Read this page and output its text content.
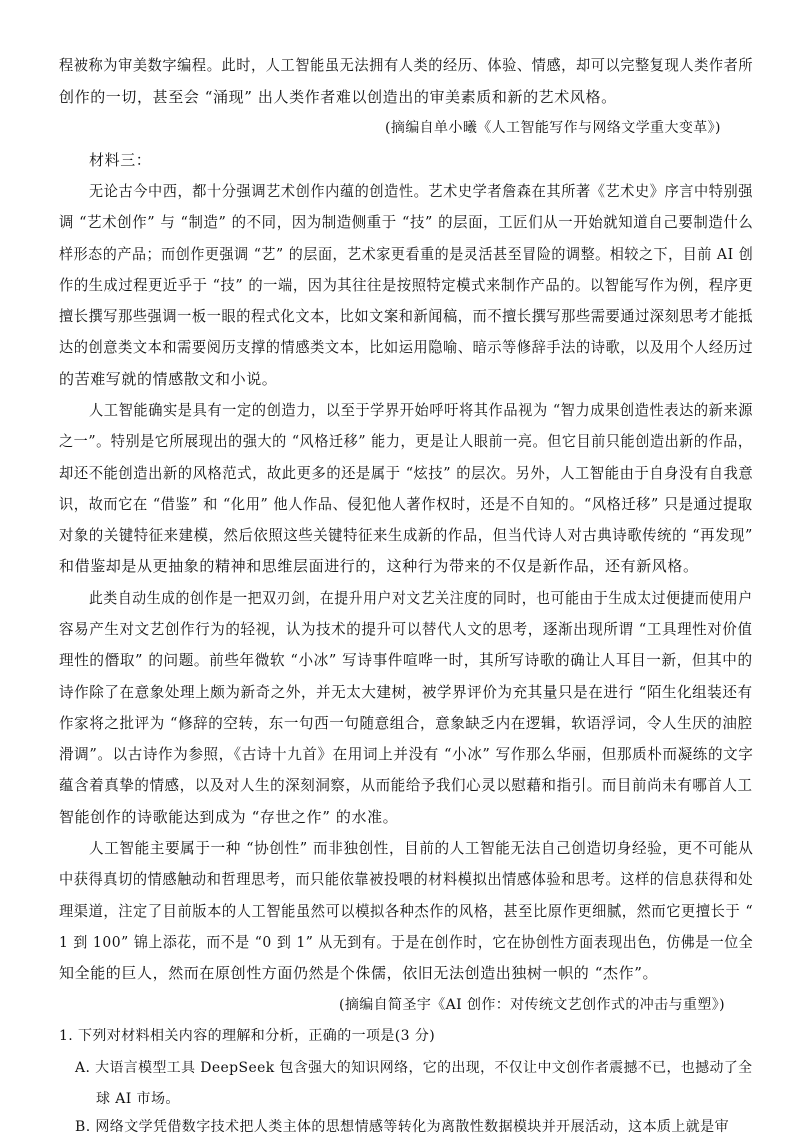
程被称为审美数字编程。此时，人工智能虽无法拥有人类的经历、体验、情感，却可以完整复现人类作者所
创作的一切，甚至会 “涌现” 出人类作者难以创造出的审美素质和新的艺术风格。
(摘编自单小曦《人工智能写作与网络文学重大变革》)
材料三：
无论古今中西，都十分强调艺术创作内蕴的创造性。艺术史学者詹森在其所著《艺术史》序言中特别强
调 “艺术创作” 与 “制造” 的不同，因为制造侧重于 “技” 的层面，工匠们从一开始就知道自己要制造什么
样形态的产品；而创作更强调 “艺” 的层面，艺术家更看重的是灵活甚至冒险的调整。相较之下，目前 AI 创
作的生成过程更近乎于 “技” 的一端，因为其往往是按照特定模式来制作产品的。以智能写作为例，程序更
擅长撰写那些强调一板一眼的程式化文本，比如文案和新闻稿，而不擅长撰写那些需要通过深刻思考才能抵
达的创意类文本和需要阅历支撑的情感类文本，比如运用隐喻、暗示等修辞手法的诗歌，以及用个人经历过
的苦难写就的情感散文和小说。
人工智能确实是具有一定的创造力，以至于学界开始呼吁将其作品视为 “智力成果创造性表达的新来源
之一”。特别是它所展现出的强大的 “风格迁移” 能力，更是让人眼前一亮。但它目前只能创造出新的作品，
却还不能创造出新的风格范式，故此更多的还是属于 “炫技” 的层次。另外，人工智能由于自身没有自我意
识，故而它在 “借鉴” 和 “化用” 他人作品、侵犯他人著作权时，还是不自知的。“风格迁移” 只是通过提取
对象的关键特征来建模，然后依照这些关键特征来生成新的作品，但当代诗人对古典诗歌传统的 “再发现”
和借鉴却是从更抽象的精神和思维层面进行的，这种行为带来的不仅是新作品，还有新风格。
此类自动生成的创作是一把双刃剑，在提升用户对文艺关注度的同时，也可能由于生成太过便捷而使用户
容易产生对文艺创作行为的轻视，认为技术的提升可以替代人文的思考，逐渐出现所谓 “工具理性对价值
理性的僭取” 的问题。前些年微软 “小冰” 写诗事件喧哗一时，其所写诗歌的确让人耳目一新，但其中的
诗作除了在意象处理上颇为新奇之外，并无太大建树，被学界评价为充其量只是在进行 “陌生化组装还有
作家将之批评为 “修辞的空转，东一句西一句随意组合，意象缺乏内在逻辑，软语浮词，令人生厌的油腔
滑调”。以古诗作为参照，《古诗十九首》在用词上并没有 “小冰” 写作那么华丽，但那质朴而凝练的文字
蕴含着真挚的情感，以及对人生的深刻洞察，从而能给予我们心灵以慰藉和指引。而目前尚未有哪首人工
智能创作的诗歌能达到成为 “存世之作” 的水准。
人工智能主要属于一种 “协创性” 而非独创性，目前的人工智能无法自己创造切身经验，更不可能从
中获得真切的情感触动和哲理思考，而只能依靠被投喂的材料模拟出情感体验和思考。这样的信息获得和处
理渠道，注定了目前版本的人工智能虽然可以模拟各种杰作的风格，甚至比原作更细腻，然而它更擅长于 “
1 到 100” 锦上添花，而不是 “0 到 1” 从无到有。于是在创作时，它在协创性方面表现出色，仿佛是一位全
知全能的巨人，然而在原创性方面仍然是个侏儒，依旧无法创造出独树一帜的 “杰作”。
(摘编自简圣宇《AI 创作：对传统文艺创作式的冲击与重塑》)
1. 下列对材料相关内容的理解和分析，正确的一项是(3 分)
A. 大语言模型工具 DeepSeek 包含强大的知识网络，它的出现，不仅让中文创作者震撼不已，也撼动了全
球 AI 市场。
B. 网络文学凭借数字技术把人类主体的思想情感等转化为离散性数据模块并开展活动，这本质上就是审
